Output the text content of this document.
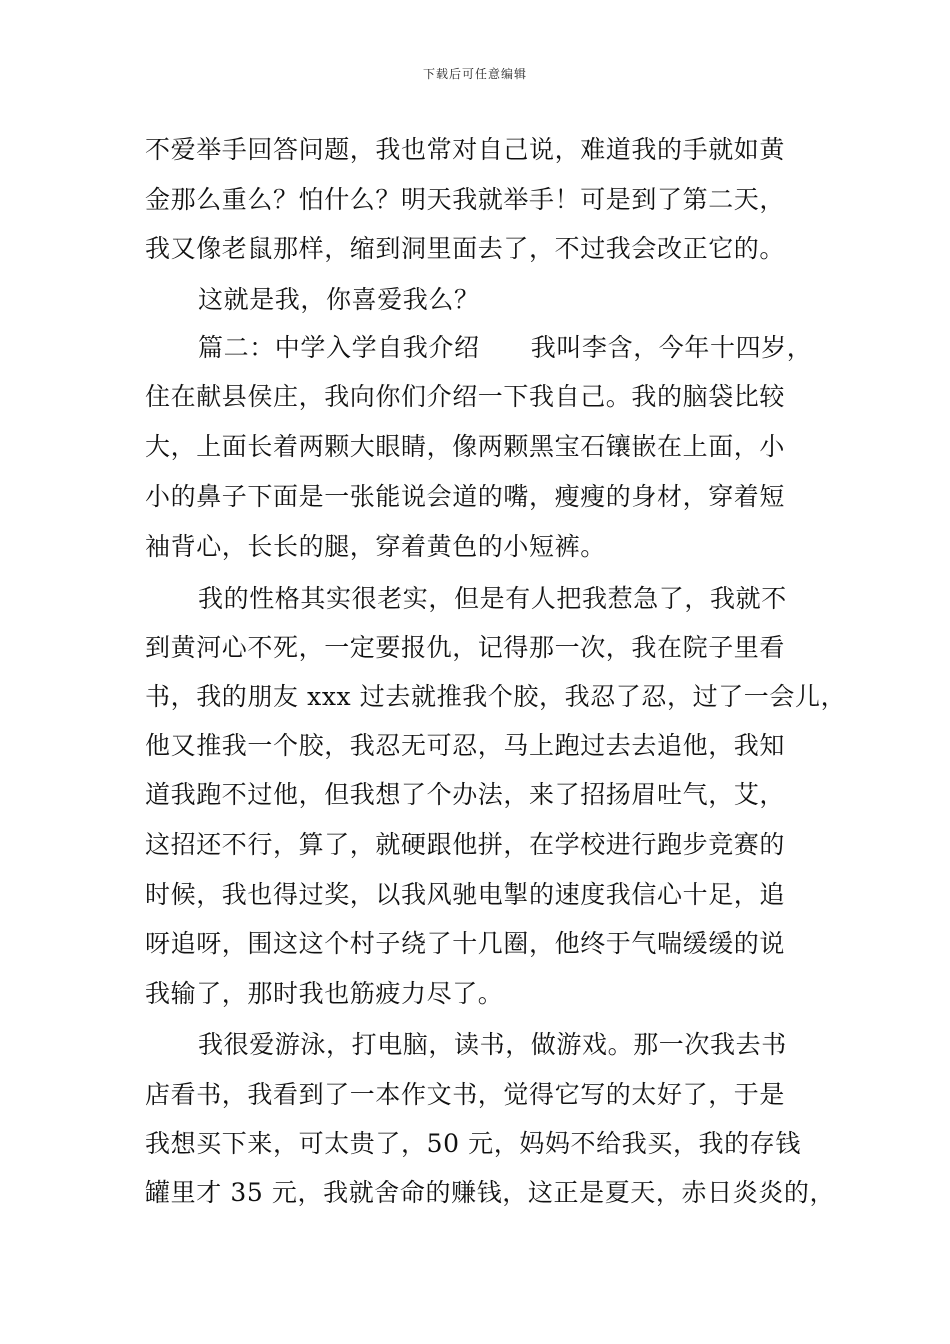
下载后可任意编辑
不爱举手回答问题，我也常对自己说，难道我的手就如黄
金那么重么？怕什么？明天我就举手！可是到了第二天，
我又像老鼠那样，缩到洞里面去了，不过我会改正它的。
这就是我，你喜爱我么？
篇二：中学入学自我介绍　　我叫李含，今年十四岁，
住在献县侯庄，我向你们介绍一下我自己。我的脑袋比较
大，上面长着两颗大眼睛，像两颗黑宝石镶嵌在上面，小
小的鼻子下面是一张能说会道的嘴，瘦瘦的身材，穿着短
袖背心，长长的腿，穿着黄色的小短裤。
我的性格其实很老实，但是有人把我惹急了，我就不
到黄河心不死，一定要报仇，记得那一次，我在院子里看
书，我的朋友 xxx 过去就推我个胶，我忍了忍，过了一会儿，
他又推我一个胶，我忍无可忍，马上跑过去去追他，我知
道我跑不过他，但我想了个办法，来了招扬眉吐气，艾，
这招还不行，算了，就硬跟他拼，在学校进行跑步竞赛的
时候，我也得过奖，以我风驰电掣的速度我信心十足，追
呀追呀，围这这个村子绕了十几圈，他终于气喘缓缓的说
我输了，那时我也筋疲力尽了。
我很爱游泳，打电脑，读书，做游戏。那一次我去书
店看书，我看到了一本作文书，觉得它写的太好了，于是
我想买下来，可太贵了，50 元，妈妈不给我买，我的存钱
罐里才 35 元，我就舍命的赚钱，这正是夏天，赤日炎炎的，
